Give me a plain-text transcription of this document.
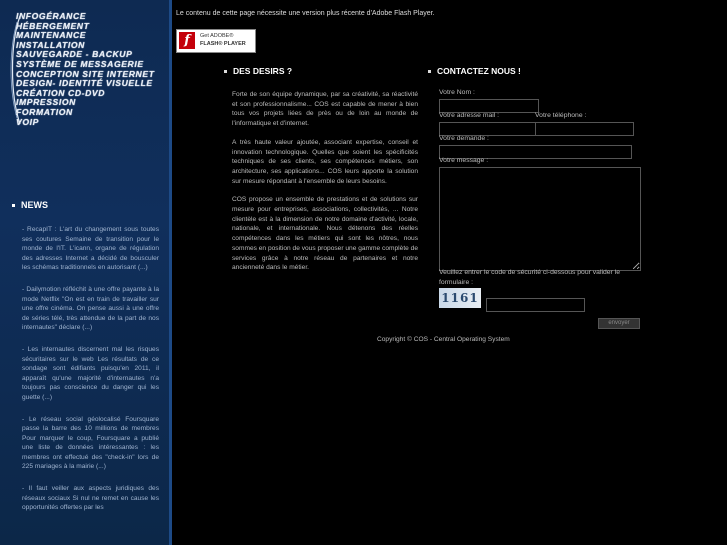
INFOGÉRANCE
HÉBERGEMENT
MAINTENANCE
INSTALLATION
SAUVEGARDE - BACKUP
SYSTÈME DE MESSAGERIE
CONCEPTION SITE INTERNET
DESIGN- IDENTITÉ VISUELLE
CRÉATION CD-DVD
IMPRESSION
FORMATION
VOIP
NEWS
- RecapIT : L'art du changement sous toutes ses coutures Semaine de transition pour le monde de l'IT. L'icann, organe de régulation des adresses Internet a décidé de bousculer les schémas traditionnels en autorisant (...)
- Dailymotion réfléchit à une offre payante à la mode Netflix "On est en train de travailler sur une offre cinéma. On pense aussi à une offre de séries télé, très attendue de la part de nos internautes" déclare (...)
- Les internautes discernent mal les risques sécuritaires sur le web Les résultats de ce sondage sont édifiants puisqu'en 2011, il apparaît qu'une majorité d'internautes n'a toujours pas conscience du danger qui les guette (...)
- Le réseau social géolocalisé Foursquare passe la barre des 10 millions de membres Pour marquer le coup, Foursquare a publié une liste de données intéressantes : les membres ont effectué des "check-in" lors de 225 mariages à la mairie (...)
- Il faut veiller aux aspects juridiques des réseaux sociaux Si nul ne remet en cause les opportunités offertes par les
Le contenu de cette page nécessite une version plus récente d'Adobe Flash Player.
f	Get ADOBE®
FLASH® PLAYER
DES DESIRS ?

Forte de son équipe dynamique, par sa créativité, sa réactivité et son professionnalisme... COS est capable de mener à bien tous vos projets liées de près ou de loin au monde de l'informatique et d'internet.

A très haute valeur ajoutée, associant expertise, conseil et innovation technologique. Quelles que soient les spécificités techniques de ses clients, ses compétences métiers, son architecture, ses applications... COS leurs apporte la solution sur mesure répondant à l'ensemble de leurs besoins.

COS propose un ensemble de prestations et de solutions sur mesure pour entreprises, associations, collectivités, ... Notre clientèle est à la dimension de notre domaine d'activité, locale, nationale, et internationale. Nous détenons des réelles compétences dans les métiers qui sont les nôtres, nous sommes en position de vous proposer une gamme complète de services grâce à notre réseau de partenaires et notre ancienneté dans le métier.

CONTACTEZ NOUS !
Votre Nom :
Votre adresse mail :	Votre téléphone :
Votre demande :
Votre message :
Veuillez entrer le code de sécurité ci-dessous pour valider le formulaire :
1161
envoyer
Copyright © COS - Central Operating System
